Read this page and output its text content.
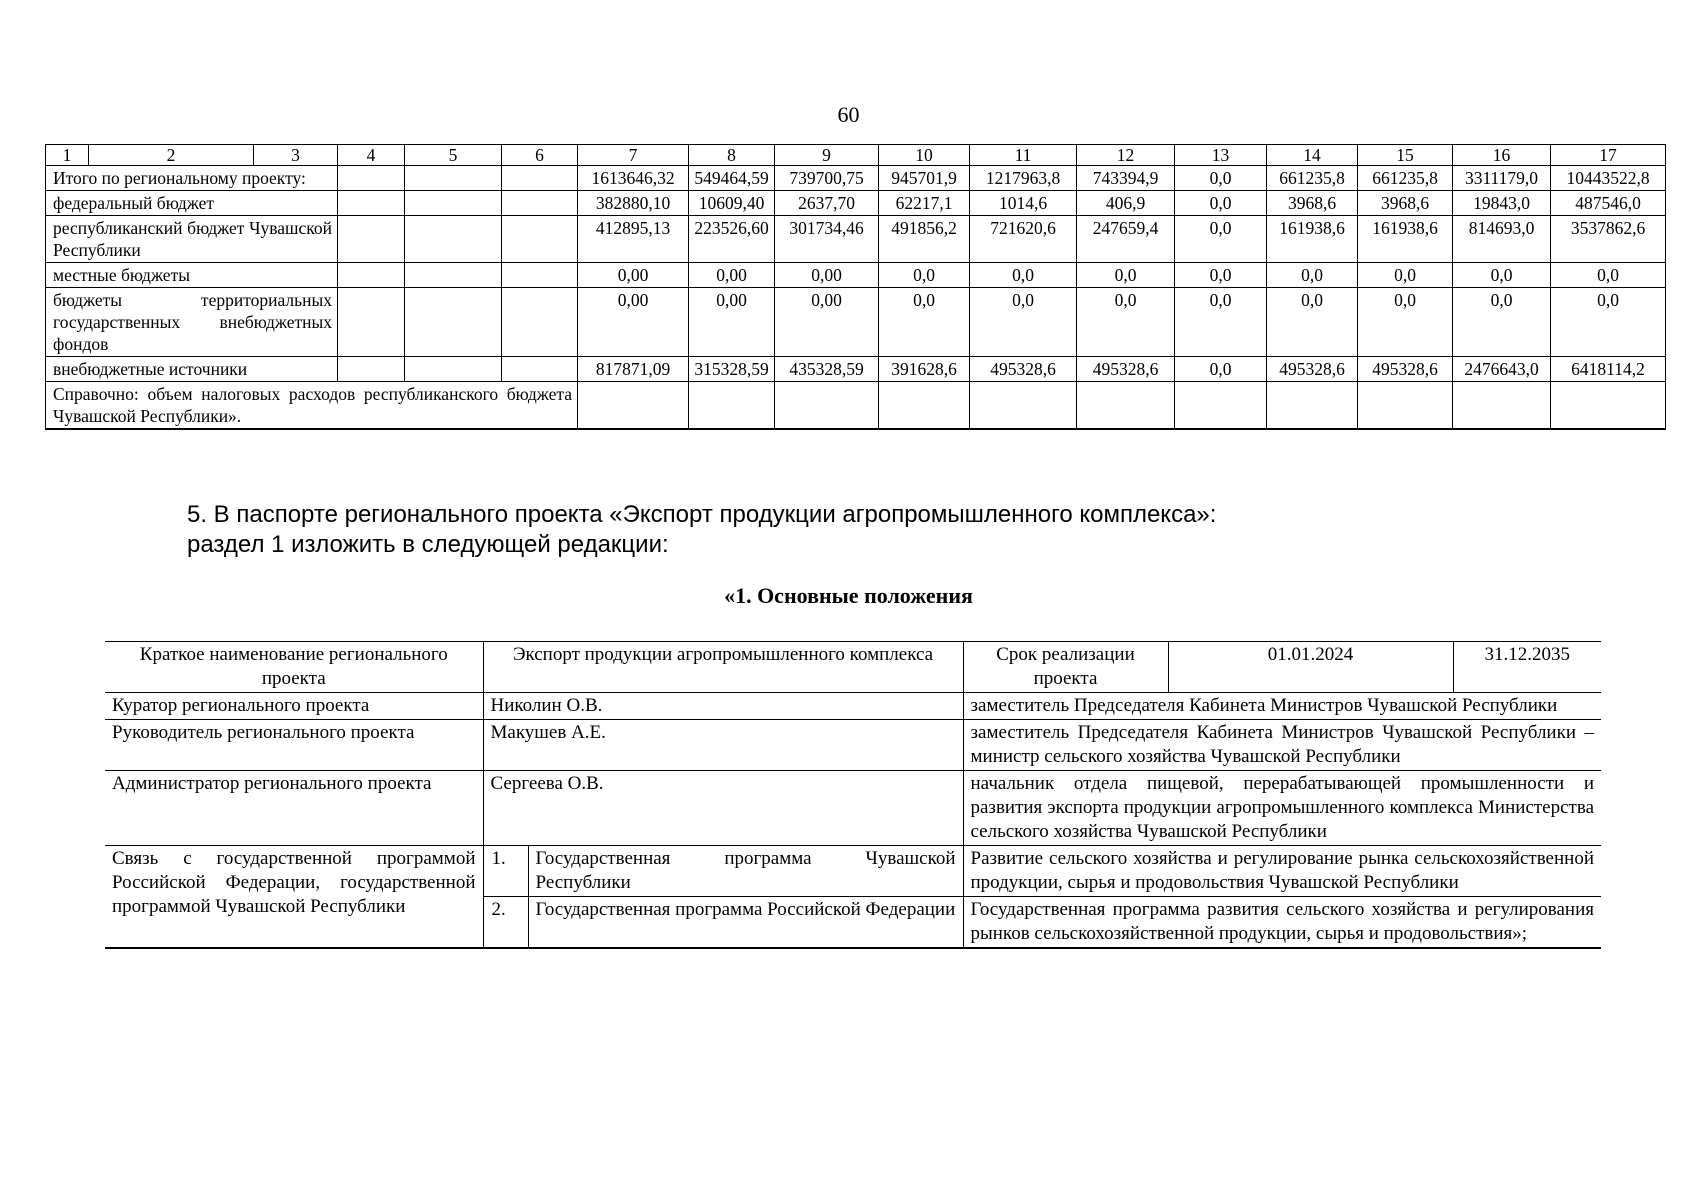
60
1	2	3	4	5	6	7	8	9	10	11	12	13	14	15	16	17
Итого по региональному проекту:						1613646,32	549464,59	739700,75	945701,9	1217963,8	743394,9	0,0	661235,8	661235,8	3311179,0	10443522,8
федеральный бюджет						382880,10	10609,40	2637,70	62217,1	1014,6	406,9	0,0	3968,6	3968,6	19843,0	487546,0
республиканский бюджет Чувашской Республики						412895,13	223526,60	301734,46	491856,2	721620,6	247659,4	0,0	161938,6	161938,6	814693,0	3537862,6
местные бюджеты						0,00	0,00	0,00	0,0	0,0	0,0	0,0	0,0	0,0	0,0	0,0
бюджеты территориальных государственных внебюджетных фондов						0,00	0,00	0,00	0,0	0,0	0,0	0,0	0,0	0,0	0,0	0,0
внебюджетные источники						817871,09	315328,59	435328,59	391628,6	495328,6	495328,6	0,0	495328,6	495328,6	2476643,0	6418114,2
Справочно: объем налоговых расходов республиканского бюджета Чувашской Республики».																
5. В паспорте регионального проекта «Экспорт продукции агропромышленного комплекса»:
раздел 1 изложить в следующей редакции:
«1. Основные положения
Краткое наименование регионального проекта	Экспорт продукции агропромышленного комплекса		Срок реализации проекта	01.01.2024	31.12.2035
Куратор регионального проекта	Николин О.В.		заместитель Председателя Кабинета Министров Чувашской Республики		
Руководитель регионального проекта	Макушев А.Е.		заместитель Председателя Кабинета Министров Чувашской Республики – министр сельского хозяйства Чувашской Республики		
Администратор регионального проекта	Сергеева О.В.		начальник отдела пищевой, перерабатывающей промышленности и развития экспорта продукции агропромышленного комплекса Министерства сельского хозяйства Чувашской Республики		
Связь с государственной программой Российской Федерации, государственной программой Чувашской Республики	1.	Государственная программа Чувашской Республики	Развитие сельского хозяйства и регулирование рынка сельскохозяйственной продукции, сырья и продовольствия Чувашской Республики		
	2.	Государственная программа Российской Федерации	Государственная программа развития сельского хозяйства и регулирования рынков сельскохозяйственной продукции, сырья и продовольствия»;		
